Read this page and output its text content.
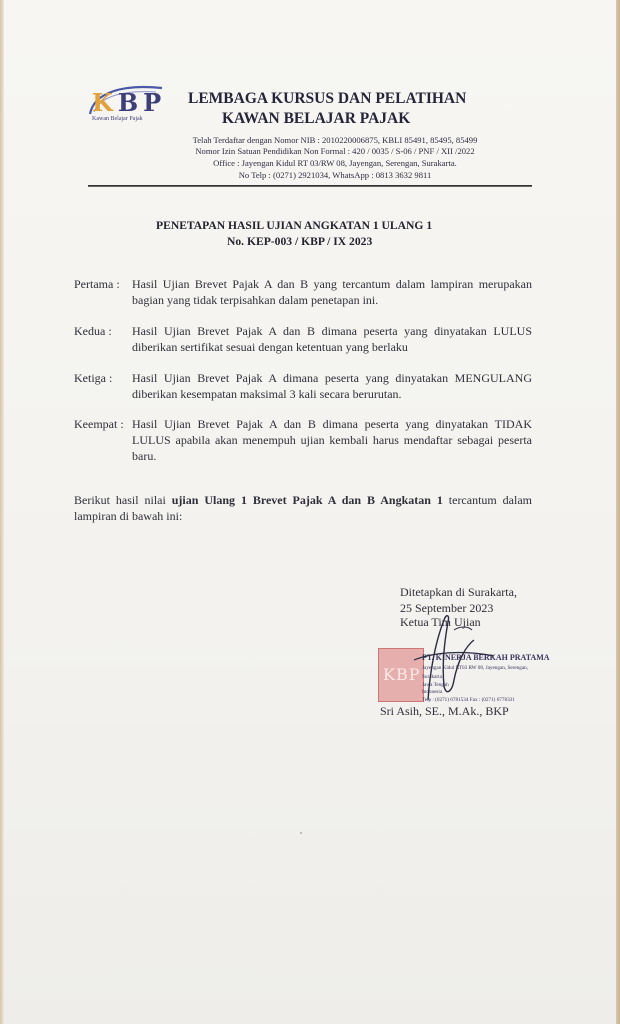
KBP
Kawan Belajar Pajak
LEMBAGA KURSUS DAN PELATIHAN
KAWAN BELAJAR PAJAK
Telah Terdaftar dengan Nomor NIB : 2010220006875, KBLI 85491, 85495, 85499
Nomor Izin Satuan Pendidikan Non Formal : 420 / 0035 / S-06 / PNF / XII /2022
Office : Jayengan Kidul RT 03/RW 08, Jayengan, Serengan, Surakarta.
No Telp : (0271) 2921034, WhatsApp : 0813 3632 9811
PENETAPAN HASIL UJIAN ANGKATAN 1 ULANG 1
No. KEP-003 / KBP / IX 2023
Pertama : Hasil Ujian Brevet Pajak A dan B yang tercantum dalam lampiran merupakan bagian yang tidak terpisahkan dalam penetapan ini.
Kedua : Hasil Ujian Brevet Pajak A dan B dimana peserta yang dinyatakan LULUS diberikan sertifikat sesuai dengan ketentuan yang berlaku
Ketiga : Hasil Ujian Brevet Pajak A dimana peserta yang dinyatakan MENGULANG diberikan kesempatan maksimal 3 kali secara berurutan.
Keempat : Hasil Ujian Brevet Pajak A dan B dimana peserta yang dinyatakan TIDAK LULUS apabila akan menempuh ujian kembali harus mendaftar sebagai peserta baru.
Berikut hasil nilai ujian Ulang 1 Brevet Pajak A dan B Angkatan 1 tercantum dalam lampiran di bawah ini:
Ditetapkan di Surakarta,
25 September 2023
Ketua Tim Ujian
KBP
PT. KINERJA BERKAH PRATAMA
Jayengan Kidul RT03 RW 08, Jayengan, Serengan,
Surakarta
Jawa Tengah
Indonesia
Telp : (0271) 6781534 Fax : (0271) 6778331
Sri Asih, SE., M.Ak., BKP
